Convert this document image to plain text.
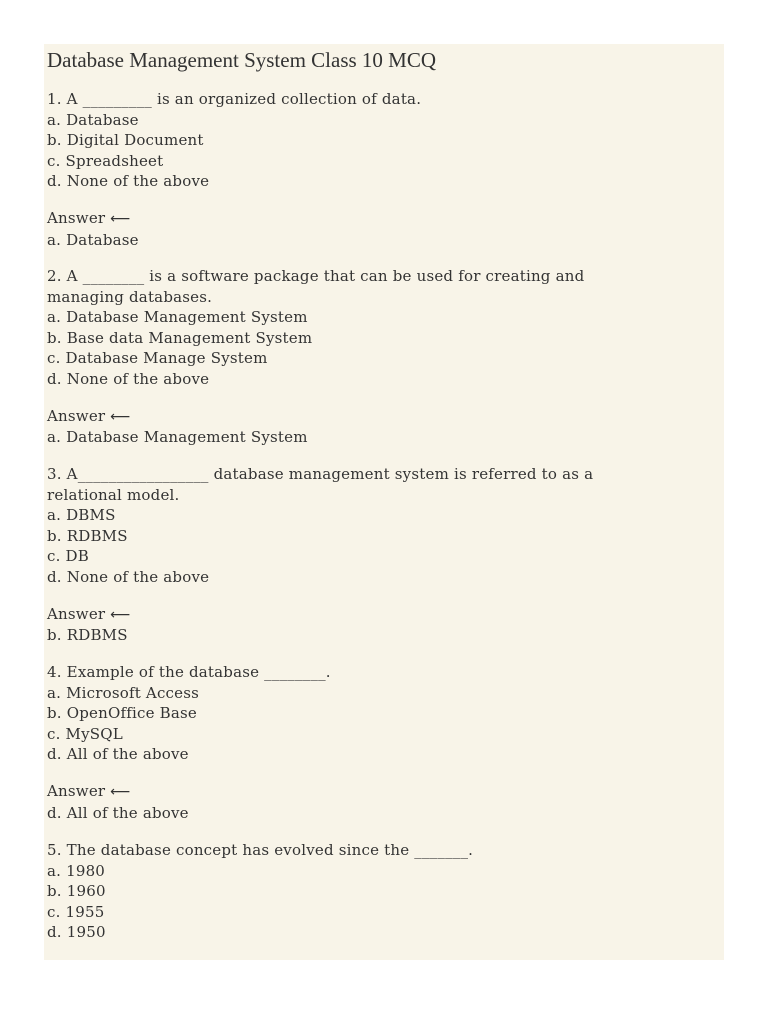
Database Management System Class 10 MCQ
1. A _________ is an organized collection of data.
a. Database
b. Digital Document
c. Spreadsheet
d. None of the above
Answer ⟵
a. Database
2. A ________ is a software package that can be used for creating and
managing databases.
a. Database Management System
b. Base data Management System
c. Database Manage System
d. None of the above
Answer ⟵
a. Database Management System
3. A_________________ database management system is referred to as a
relational model.
a. DBMS
b. RDBMS
c. DB
d. None of the above
Answer ⟵
b. RDBMS
4. Example of the database ________.
a. Microsoft Access
b. OpenOffice Base
c. MySQL
d. All of the above
Answer ⟵
d. All of the above
5. The database concept has evolved since the _______.
a. 1980
b. 1960
c. 1955
d. 1950
